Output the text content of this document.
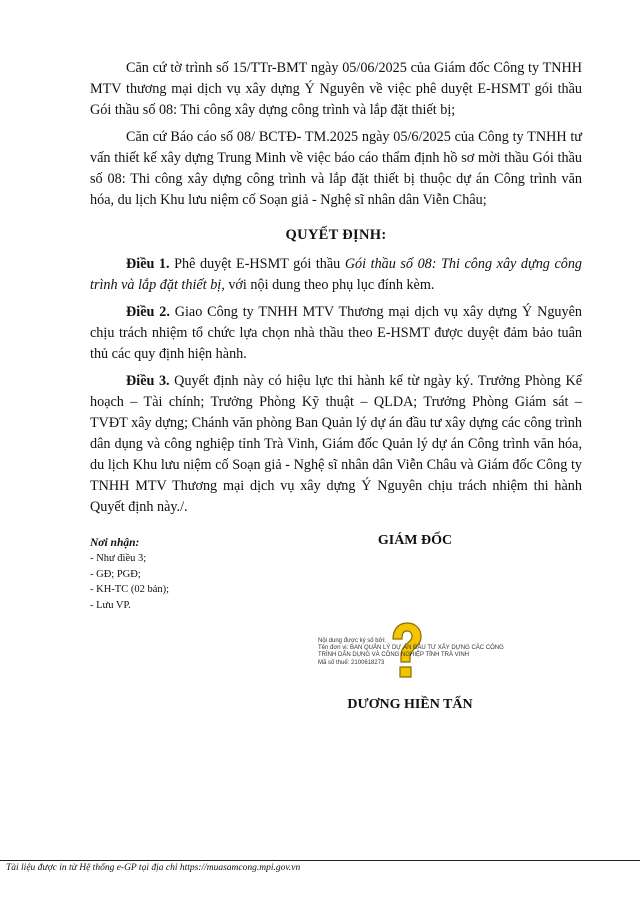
Căn cứ tờ trình số 15/TTr-BMT ngày 05/06/2025 của Giám đốc Công ty TNHH MTV thương mại dịch vụ xây dựng Ý Nguyên về việc phê duyệt E-HSMT gói thầu Gói thầu số 08: Thi công xây dựng công trình và lắp đặt thiết bị;

Căn cứ Báo cáo số 08/ BCTĐ- TM.2025 ngày 05/6/2025 của Công ty TNHH tư vấn thiết kế xây dựng Trung Minh về việc báo cáo thẩm định hồ sơ mời thầu Gói thầu số 08: Thi công xây dựng công trình và lắp đặt thiết bị thuộc dự án Công trình văn hóa, du lịch Khu lưu niệm cố Soạn giả - Nghệ sĩ nhân dân Viễn Châu;

QUYẾT ĐỊNH:

Điều 1. Phê duyệt E-HSMT gói thầu Gói thầu số 08: Thi công xây dựng công trình và lắp đặt thiết bị, với nội dung theo phụ lục đính kèm.

Điều 2. Giao Công ty TNHH MTV Thương mại dịch vụ xây dựng Ý Nguyên chịu trách nhiệm tổ chức lựa chọn nhà thầu theo E-HSMT được duyệt đảm bảo tuân thủ các quy định hiện hành.

Điều 3. Quyết định này có hiệu lực thi hành kể từ ngày ký. Trưởng Phòng Kế hoạch – Tài chính; Trưởng Phòng Kỹ thuật – QLDA; Trưởng Phòng Giám sát – TVĐT xây dựng; Chánh văn phòng Ban Quản lý dự án đầu tư xây dựng các công trình dân dụng và công nghiệp tỉnh Trà Vinh, Giám đốc Quản lý dự án Công trình văn hóa, du lịch Khu lưu niệm cố Soạn giả - Nghệ sĩ nhân dân Viễn Châu và Giám đốc Công ty TNHH MTV Thương mại dịch vụ xây dựng Ý Nguyên chịu trách nhiệm thi hành Quyết định này./.

Nơi nhận:
- Như điều 3;
- GĐ; PGĐ;
- KH-TC (02 bản);
- Lưu VP.
GIÁM ĐỐC
Nội dung được ký số bởi:
Tên đơn vị: BAN QUẢN LÝ DỰ ÁN ĐẦU TƯ XÂY DỰNG CÁC CÔNG TRÌNH DÂN DỤNG VÀ CÔNG NGHIỆP TỈNH TRÀ VINH
Mã số thuế: 2100618273
DƯƠNG HIỀN TẤN
Tài liệu được in từ Hệ thống e-GP tại địa chỉ https://muasamcong.mpi.gov.vn
